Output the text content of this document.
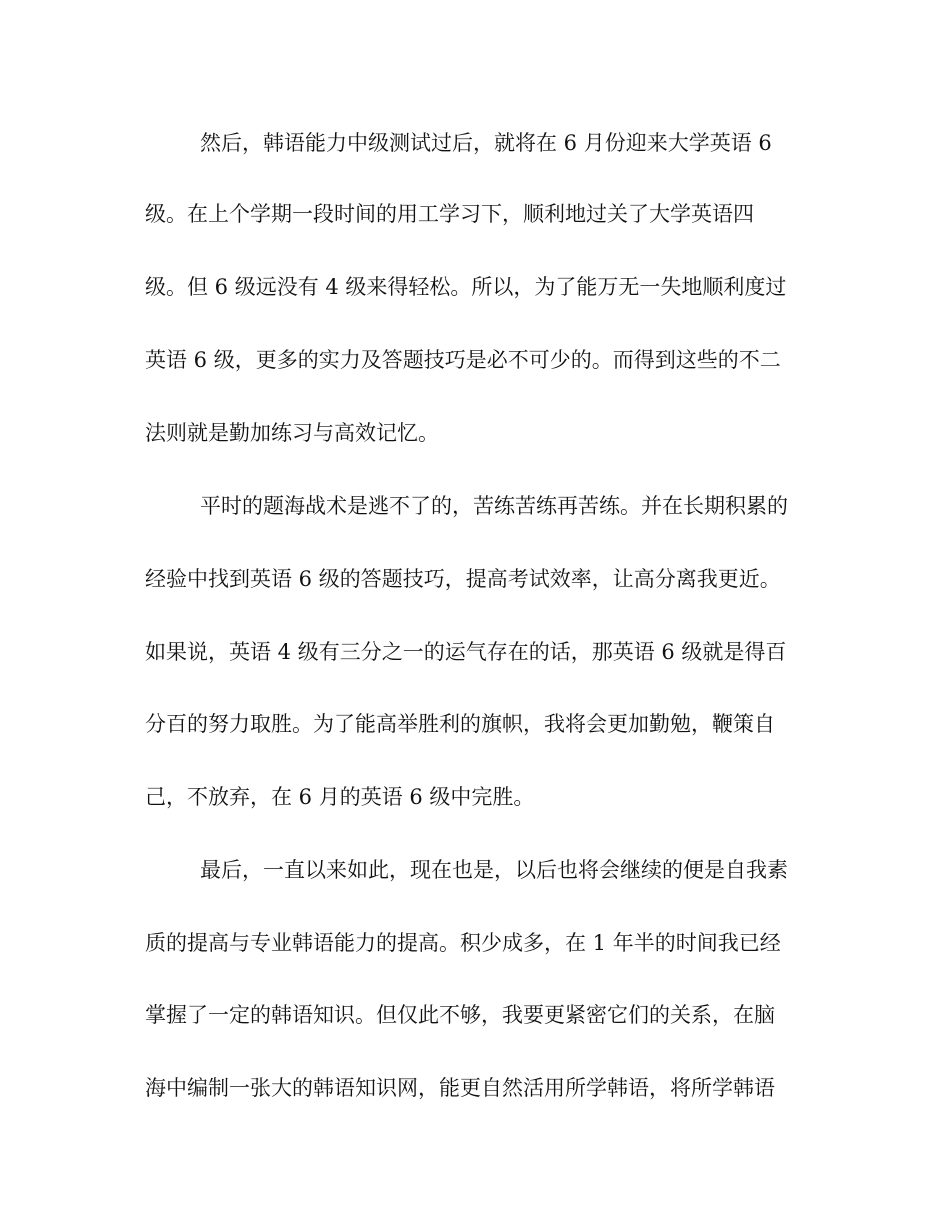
然后，韩语能力中级测试过后，就将在 6 月份迎来大学英语 6
级。在上个学期一段时间的用工学习下，顺利地过关了大学英语四
级。但 6 级远没有 4 级来得轻松。所以，为了能万无一失地顺利度过
英语 6 级，更多的实力及答题技巧是必不可少的。而得到这些的不二
法则就是勤加练习与高效记忆。
平时的题海战术是逃不了的，苦练苦练再苦练。并在长期积累的
经验中找到英语 6 级的答题技巧，提高考试效率，让高分离我更近。
如果说，英语 4 级有三分之一的运气存在的话，那英语 6 级就是得百
分百的努力取胜。为了能高举胜利的旗帜，我将会更加勤勉，鞭策自
己，不放弃，在 6 月的英语 6 级中完胜。
最后，一直以来如此，现在也是，以后也将会继续的便是自我素
质的提高与专业韩语能力的提高。积少成多，在 1 年半的时间我已经
掌握了一定的韩语知识。但仅此不够，我要更紧密它们的关系，在脑
海中编制一张大的韩语知识网，能更自然活用所学韩语，将所学韩语
